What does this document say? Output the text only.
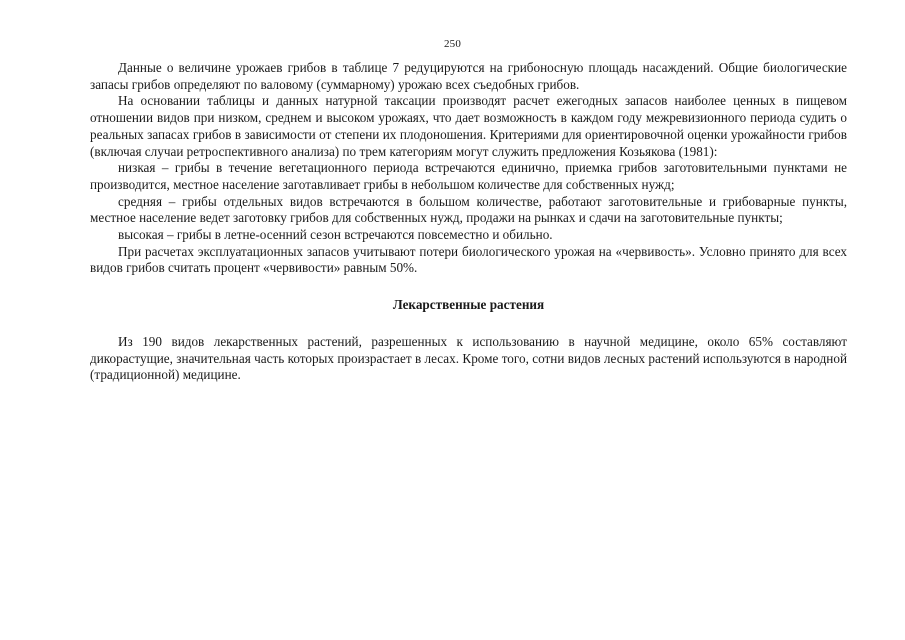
250

Данные о величине урожаев грибов в таблице 7 редуцируются на грибоносную площадь насаждений. Общие биологические запасы грибов определяют по валовому (суммарному) урожаю всех съедобных грибов.

На основании таблицы и данных натурной таксации производят расчет ежегодных запасов наиболее ценных в пищевом отношении видов при низком, среднем и высоком урожаях, что дает возможность в каждом году межревизионного периода судить о реальных запасах грибов в зависимости от степени их плодоношения. Критериями для ориентировочной оценки урожайности грибов (включая случаи ретроспективного анализа) по трем категориям могут служить предложения Козьякова (1981):

низкая – грибы в течение вегетационного периода встречаются единично, приемка грибов заготовительными пунктами не производится, местное население заготавливает грибы в небольшом количестве для собственных нужд;

средняя – грибы отдельных видов встречаются в большом количестве, работают заготовительные и грибоварные пункты, местное население ведет заготовку грибов для собственных нужд, продажи на рынках и сдачи на заготовительные пункты;

высокая – грибы в летне-осенний сезон встречаются повсеместно и обильно.

При расчетах эксплуатационных запасов учитывают потери биологического урожая на «червивость». Условно принято для всех видов грибов считать процент «червивости» равным 50%.

Лекарственные растения

Из 190 видов лекарственных растений, разрешенных к использованию в научной медицине, около 65% составляют дикорастущие, значительная часть которых произрастает в лесах. Кроме того, сотни видов лесных растений используются в народной (традиционной) медицине.
